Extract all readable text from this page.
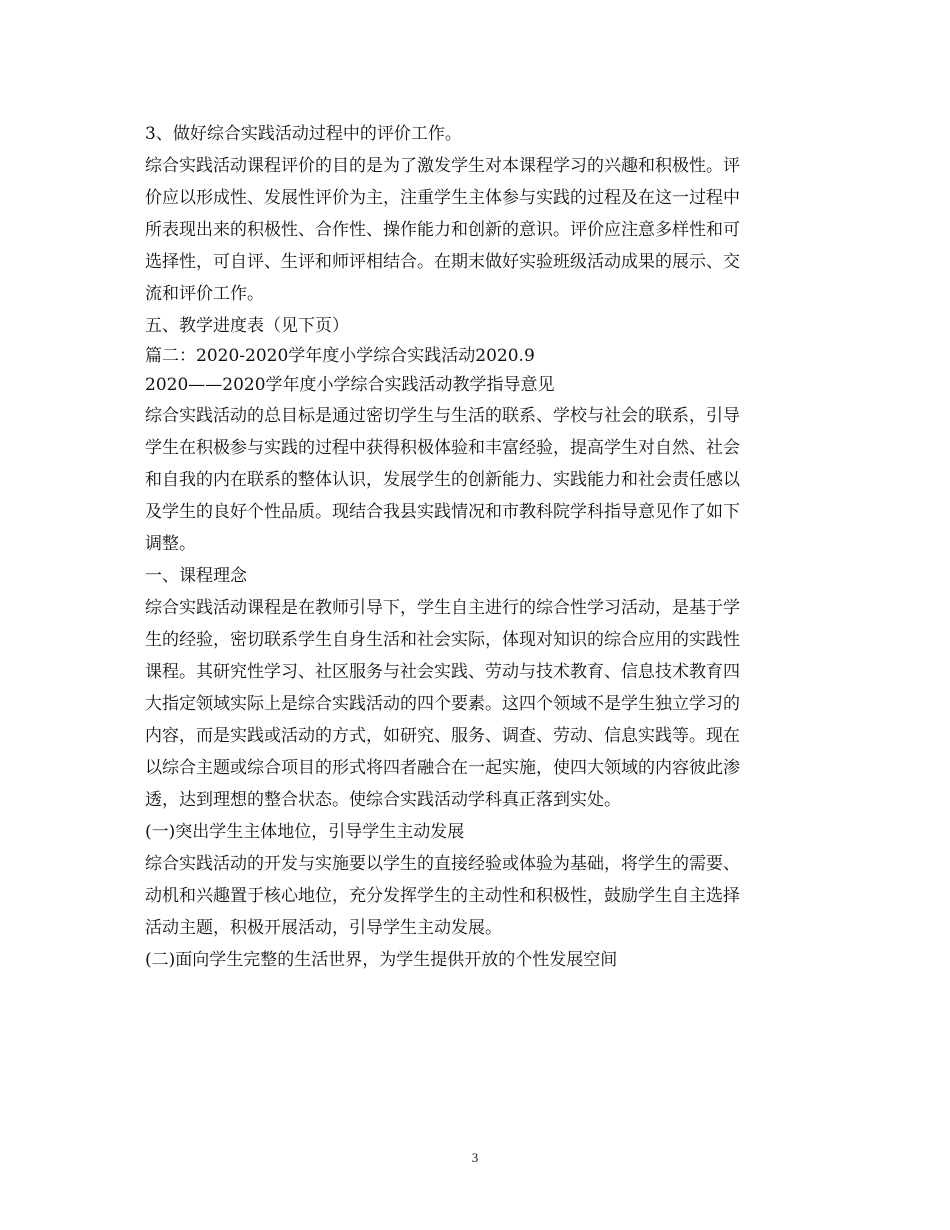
3、做好综合实践活动过程中的评价工作。
综合实践活动课程评价的目的是为了激发学生对本课程学习的兴趣和积极性。评
价应以形成性、发展性评价为主，注重学生主体参与实践的过程及在这一过程中
所表现出来的积极性、合作性、操作能力和创新的意识。评价应注意多样性和可
选择性，可自评、生评和师评相结合。在期末做好实验班级活动成果的展示、交
流和评价工作。
五、教学进度表（见下页）
篇二：2020-2020学年度小学综合实践活动2020.9
2020——2020学年度小学综合实践活动教学指导意见
综合实践活动的总目标是通过密切学生与生活的联系、学校与社会的联系，引导
学生在积极参与实践的过程中获得积极体验和丰富经验，提高学生对自然、社会
和自我的内在联系的整体认识，发展学生的创新能力、实践能力和社会责任感以
及学生的良好个性品质。现结合我县实践情况和市教科院学科指导意见作了如下
调整。
一、课程理念
综合实践活动课程是在教师引导下，学生自主进行的综合性学习活动，是基于学
生的经验，密切联系学生自身生活和社会实际，体现对知识的综合应用的实践性
课程。其研究性学习、社区服务与社会实践、劳动与技术教育、信息技术教育四
大指定领域实际上是综合实践活动的四个要素。这四个领域不是学生独立学习的
内容，而是实践或活动的方式，如研究、服务、调查、劳动、信息实践等。现在
以综合主题或综合项目的形式将四者融合在一起实施，使四大领域的内容彼此渗
透，达到理想的整合状态。使综合实践活动学科真正落到实处。
(一)突出学生主体地位，引导学生主动发展
综合实践活动的开发与实施要以学生的直接经验或体验为基础，将学生的需要、
动机和兴趣置于核心地位，充分发挥学生的主动性和积极性，鼓励学生自主选择
活动主题，积极开展活动，引导学生主动发展。
(二)面向学生完整的生活世界，为学生提供开放的个性发展空间
3
